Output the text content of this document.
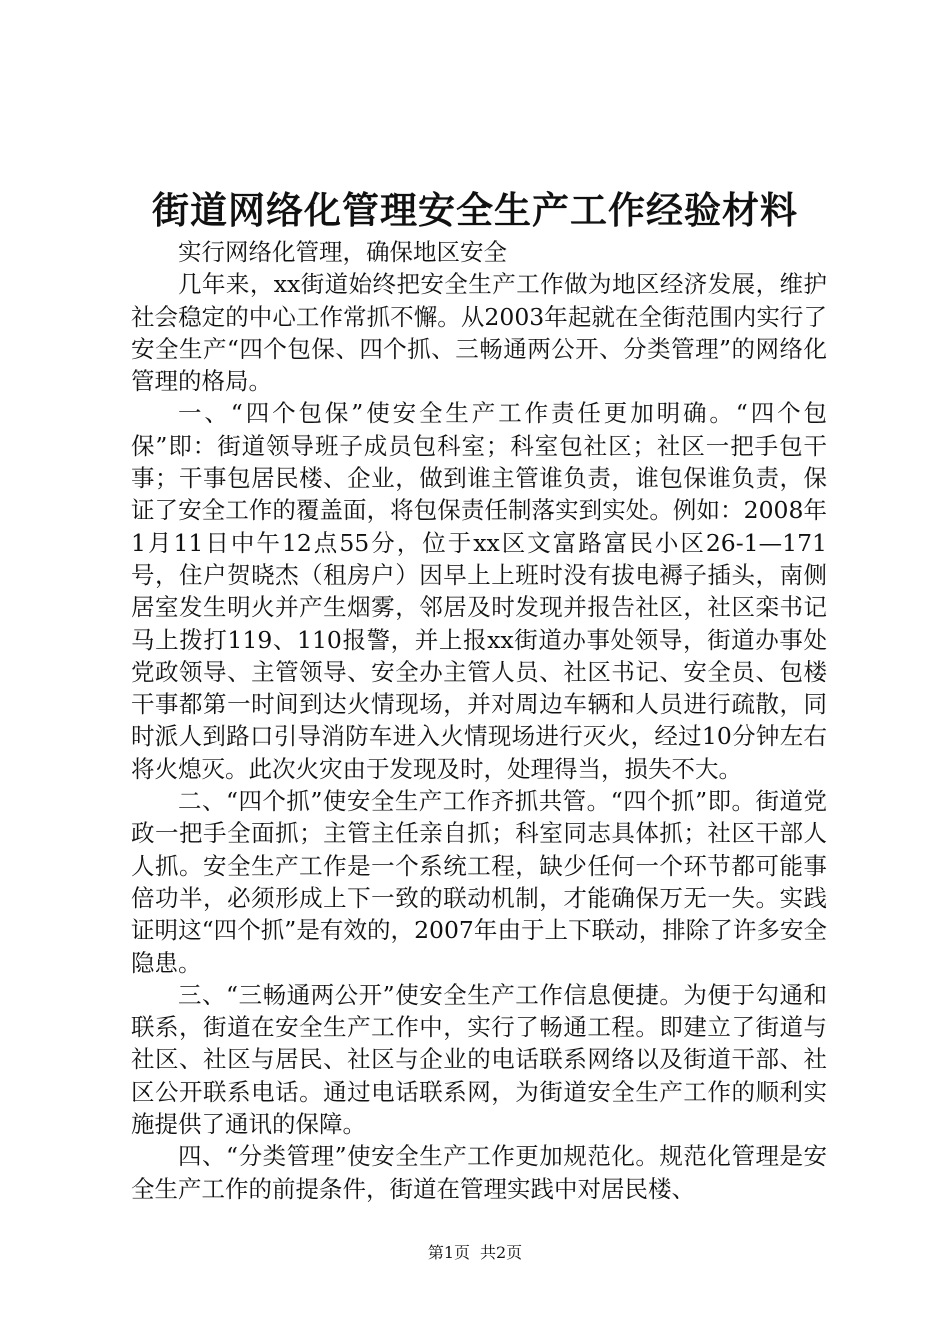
街道网络化管理安全生产工作经验材料

实行网络化管理，确保地区安全

几年来，xx街道始终把安全生产工作做为地区经济发展，维护社会稳定的中心工作常抓不懈。从2003年起就在全街范围内实行了安全生产“四个包保、四个抓、三畅通两公开、分类管理”的网络化管理的格局。

一、“四个包保”使安全生产工作责任更加明确。“四个包保”即：街道领导班子成员包科室；科室包社区；社区一把手包干事；干事包居民楼、企业，做到谁主管谁负责，谁包保谁负责，保证了安全工作的覆盖面，将包保责任制落实到实处。例如：2008年1月11日中午12点55分，位于xx区文富路富民小区26-1—171号，住户贺晓杰（租房户）因早上上班时没有拔电褥子插头，南侧居室发生明火并产生烟雾，邻居及时发现并报告社区，社区栾书记马上拨打119、110报警，并上报xx街道办事处领导，街道办事处党政领导、主管领导、安全办主管人员、社区书记、安全员、包楼干事都第一时间到达火情现场，并对周边车辆和人员进行疏散，同时派人到路口引导消防车进入火情现场进行灭火，经过10分钟左右将火熄灭。此次火灾由于发现及时，处理得当，损失不大。

二、“四个抓”使安全生产工作齐抓共管。“四个抓”即。街道党政一把手全面抓；主管主任亲自抓；科室同志具体抓；社区干部人人抓。安全生产工作是一个系统工程，缺少任何一个环节都可能事倍功半，必须形成上下一致的联动机制，才能确保万无一失。实践证明这“四个抓”是有效的，2007年由于上下联动，排除了许多安全隐患。

三、“三畅通两公开”使安全生产工作信息便捷。为便于勾通和联系，街道在安全生产工作中，实行了畅通工程。即建立了街道与社区、社区与居民、社区与企业的电话联系网络以及街道干部、社区公开联系电话。通过电话联系网，为街道安全生产工作的顺利实施提供了通讯的保障。

四、“分类管理”使安全生产工作更加规范化。规范化管理是安全生产工作的前提条件，街道在管理实践中对居民楼、

第1页 共2页
